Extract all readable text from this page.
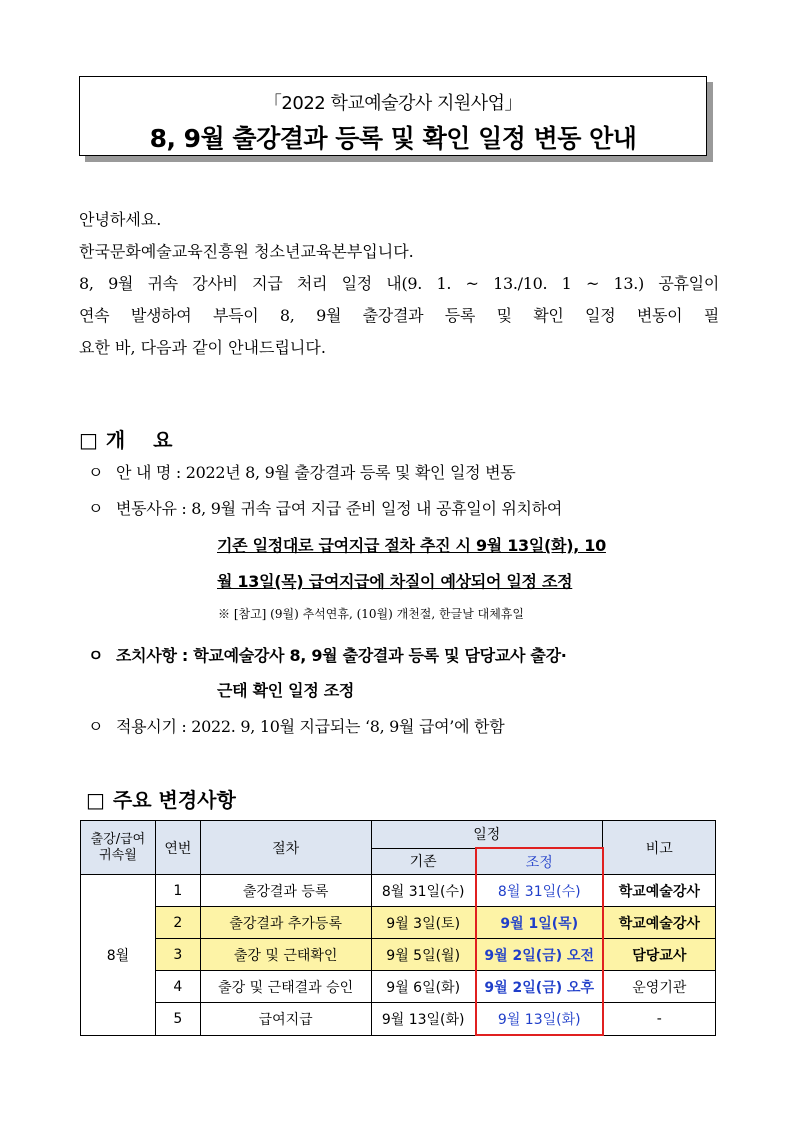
「2022 학교예술강사 지원사업」
8, 9월 출강결과 등록 및 확인 일정 변동 안내

안녕하세요.

한국문화예술교육진흥원 청소년교육본부입니다.

8, 9월 귀속 강사비 지급 처리 일정 내(9. 1. ~ 13./10. 1 ~ 13.) 공휴일이

연속 발생하여 부득이 8, 9월 출강결과 등록 및 확인 일정 변동이 필

요한 바, 다음과 같이 안내드립니다.

□ 개    요
ㅇ 안 내 명 : 2022년 8, 9월 출강결과 등록 및 확인 일정 변동
ㅇ 변동사유 : 8, 9월 귀속 급여 지급 준비 일정 내 공휴일이 위치하여
기존 일정대로 급여지급 절차 추진 시 9월 13일(화), 10
월 13일(목) 급여지급에 차질이 예상되어 일정 조정
※ [참고] (9월) 추석연휴, (10월) 개천절, 한글날 대체휴일
ㅇ 조치사항 : 학교예술강사 8, 9월 출강결과 등록 및 담당교사 출강·
근태 확인 일정 조정
ㅇ 적용시기 : 2022. 9, 10월 지급되는 ‘8, 9월 급여’에 한함
□ 주요 변경사항
출강/급여
귀속월	연번	절차	일정		비고
			기존	조정	
8월	1	출강결과 등록	8월 31일(수)	8월 31일(수)	학교예술강사
	2	출강결과 추가등록	9월 3일(토)	9월 1일(목)	학교예술강사
	3	출강 및 근태확인	9월 5일(월)	9월 2일(금) 오전	담당교사
	4	출강 및 근태결과 승인	9월 6일(화)	9월 2일(금) 오후	운영기관
	5	급여지급	9월 13일(화)	9월 13일(화)	-
